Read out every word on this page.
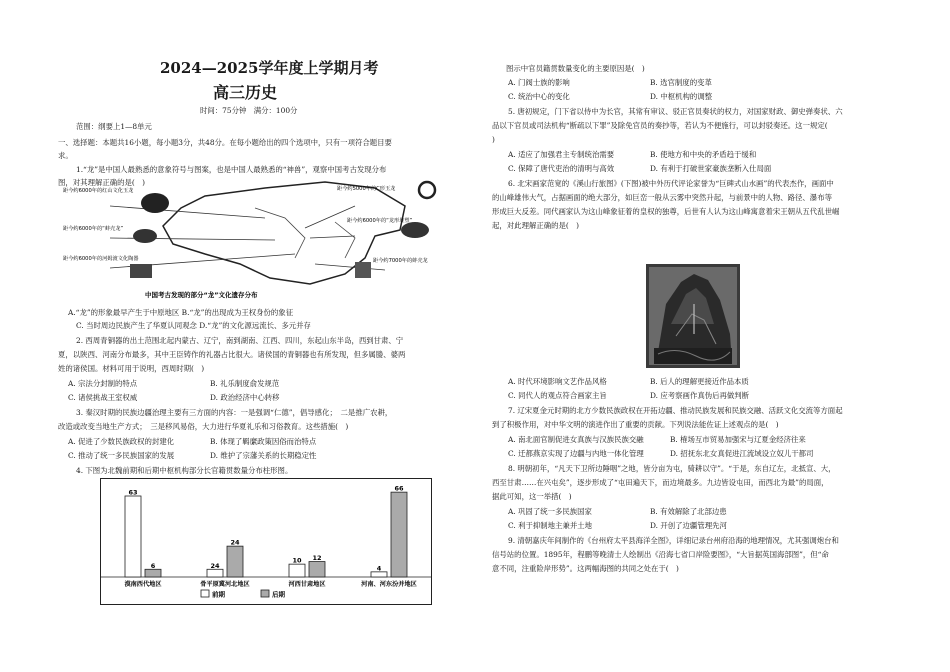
2024—2025学年度上学期月考
高三历史
时间：75分钟　满分：100分
范围：纲要上1—8单元
一、选择题：本题共16小题，每小题3分，共48分。在每小题给出的四个选项中，只有一项符合题目要
求。
1.“龙”是中国人最熟悉的意象符号与图案，也是中国人最熟悉的“神兽”，观察中国考古发现分布
图，对其理解正确的是(　)
距今约6000年的红山文化玉龙	距今约5000年的C形玉龙
距今约6000年的“蚌壳龙”
距今约6000年的“龙形堆塑”
距今约6000年的河姆渡文化陶器	距今约7000年的蚌壳龙
中国考古发现的部分“龙”文化遗存分布
A.“龙”的形象最早产生于中原地区 B.“龙”的出现成为王权身份的象征
C. 当时周边民族产生了华夏认同观念 D.“龙”的文化源远流长、多元并存
2. 西周青铜器的出土范围北起内蒙古、辽宁，南到湖南、江西、四川，东起山东半岛，西到甘肃、宁
夏，以陕西、河南分布最多，其中王臣铸作的礼器占比很大。诸侯国的青铜器也有所发现，但多属媵、婆两
姓的诸侯国。材料可用于说明，西周时期(　)
A. 宗法分封制的特点	B. 礼乐制度俞发规范
C. 诸侯挑战王室权威	D. 政治经济中心转移
3. 秦汉时期的民族边疆治理主要有三方面的内容：一是强调“仁德”，倡导感化；　二是推广农耕，
改造或改变当地生产方式；　三是移风易俗，大力进行华夏礼乐和习俗教育。这些措施(　)
A. 促进了少数民族政权的封建化	B. 体现了羁縻政策因俗而治特点
C. 推动了统一多民族国家的发展	D. 维护了宗藩关系的长期稳定性
4. 下图为北魏前期和后期中枢机构部分长官籍贯数量分布柱形图。
63
6
漠南西代地区
24
24
骨平原冀河北地区
10 12
河西甘肃地区
4
66
河南、河东汾并地区
前期	后期
图示中官员籍贯数量变化的主要原因是(　)
A. 门阀士族的影响	B. 选官制度的变革
C. 统治中心的变化	D. 中枢机构的调整
5. 唐初规定，门下省以侍中为长官，其常有审议、驳正官员奏状的权力，对国家财政、御史弹奏状、六
品以下官员或司法机构“断疏以下罪”及除免官员的奏抄等，若认为不便施行，可以封驳奏还。这一规定(
)
A. 适应了加强君主专制统治需要	B. 使地方和中央的矛盾趋于缓和
C. 保障了唐代吏治的清明与高效	D. 有利于打破世家豪族垄断入仕局面
6. 北宋画家范宽的《溪山行旅图》(下图)被中外历代评论家誉为“巨碑式山水画”的代表杰作，画面中
的山峰雄伟大气，占据画面的绝大部分，如巨峦一般从云雾中突然升起，与前景中的人物、路径、瀑布等
形成巨大反差。同代画家认为这山峰象征着的皇权的独尊，后世有人认为这山峰寓意着宋王朝从五代乱世崛
起，对此理解正确的是(　)
A. 时代环境影响文艺作品风格	B. 后人的理解更接近作品本质
C. 同代人的观点符合画家主旨	D. 应考察画作真伪后再做判断
7. 辽宋夏金元时期的北方少数民族政权在开拓边疆、推动民族发展和民族交融、活跃文化交流等方面起
到了积极作用，对中华文明的演进作出了重要的贡献。下列说法能佐证上述观点的是(　)
A. 南北面官制促进女真族与汉族民族交融	B. 榷场互市贸易加强宋与辽夏金经济往来
C. 迁都燕京实现了边疆与内地一体化管理	D. 招抚东北女真促进江流域设立奴儿干都司
8. 明朝初年，“凡天下卫所边陲咽”之地，皆分亩为屯，骑耕以守”。“于是，东自辽左，北抵宣、大，
西至甘肃……在兴屯矣”，逐步形成了“屯田遍天下，而边境最多。九边皆设屯田，而西北为最”的局面，
据此可知，这一举措(　)
A. 巩固了统一多民族国家	B. 有效解除了北部边患
C. 利于抑制地主兼并土地	D. 开创了边疆管理先河
9. 清朝嘉庆年间制作的《台州府太平县海洋全图》，详细记录台州府沿海的地理情况，尤其强调炮台和
信号站的位置。1895年，程鹏等晚清士人绘制出《沿海七省口岸险要图》，“大旨据英国海部图”，但“命
意不同，注重险岸形势”。这两幅海图的共同之处在于(　)
